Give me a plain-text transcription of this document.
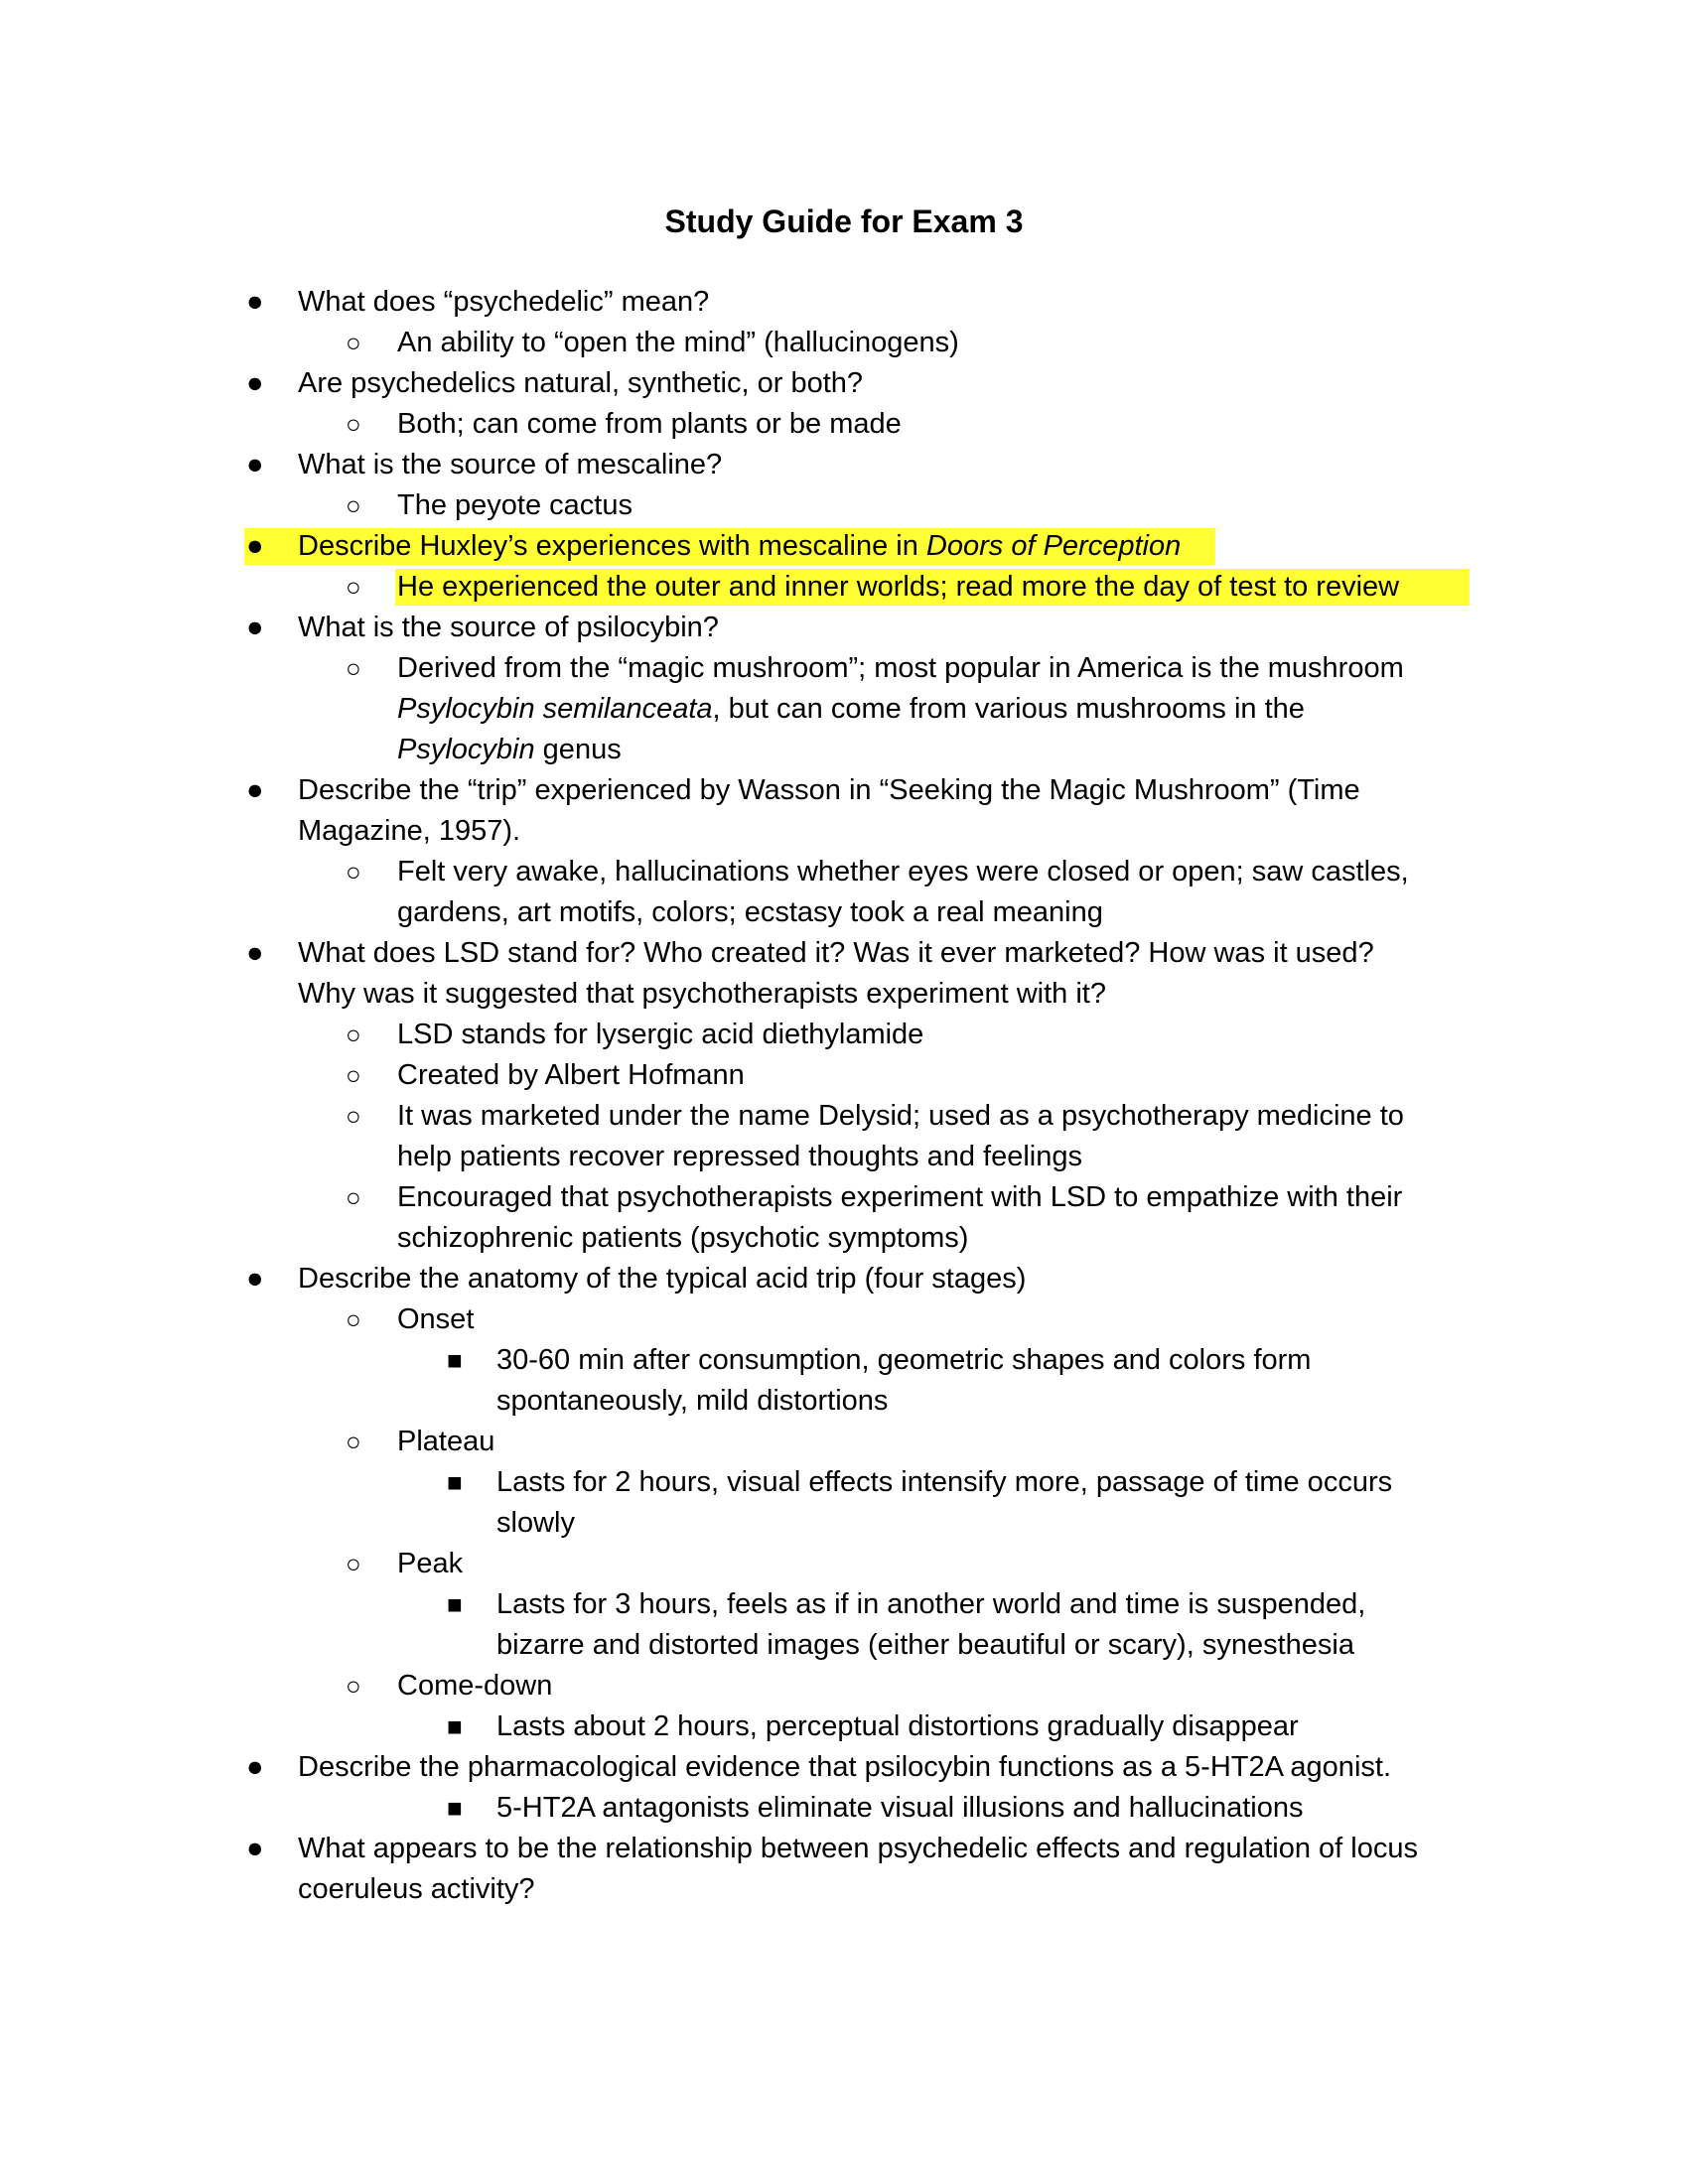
Study Guide for Exam 3
●	What does “psychedelic” mean?
○	An ability to “open the mind” (hallucinogens)
●	Are psychedelics natural, synthetic, or both?
○	Both; can come from plants or be made
●	What is the source of mescaline?
○	The peyote cactus
●	Describe Huxley’s experiences with mescaline in Doors of Perception
○	He experienced the outer and inner worlds; read more the day of test to review
●	What is the source of psilocybin?
○	Derived from the “magic mushroom”; most popular in America is the mushroom
Psylocybin semilanceata, but can come from various mushrooms in the
Psylocybin genus
●	Describe the “trip” experienced by Wasson in “Seeking the Magic Mushroom” (Time
Magazine, 1957).
○	Felt very awake, hallucinations whether eyes were closed or open; saw castles,
gardens, art motifs, colors; ecstasy took a real meaning
●	What does LSD stand for? Who created it? Was it ever marketed? How was it used?
Why was it suggested that psychotherapists experiment with it?
○	LSD stands for lysergic acid diethylamide
○	Created by Albert Hofmann
○	It was marketed under the name Delysid; used as a psychotherapy medicine to
help patients recover repressed thoughts and feelings
○	Encouraged that psychotherapists experiment with LSD to empathize with their
schizophrenic patients (psychotic symptoms)
●	Describe the anatomy of the typical acid trip (four stages)
○	Onset
■	30-60 min after consumption, geometric shapes and colors form
spontaneously, mild distortions
○	Plateau
■	Lasts for 2 hours, visual effects intensify more, passage of time occurs
slowly
○	Peak
■	Lasts for 3 hours, feels as if in another world and time is suspended,
bizarre and distorted images (either beautiful or scary), synesthesia
○	Come-down
■	Lasts about 2 hours, perceptual distortions gradually disappear
●	Describe the pharmacological evidence that psilocybin functions as a 5-HT2A agonist.
■	5-HT2A antagonists eliminate visual illusions and hallucinations
●	What appears to be the relationship between psychedelic effects and regulation of locus
coeruleus activity?
